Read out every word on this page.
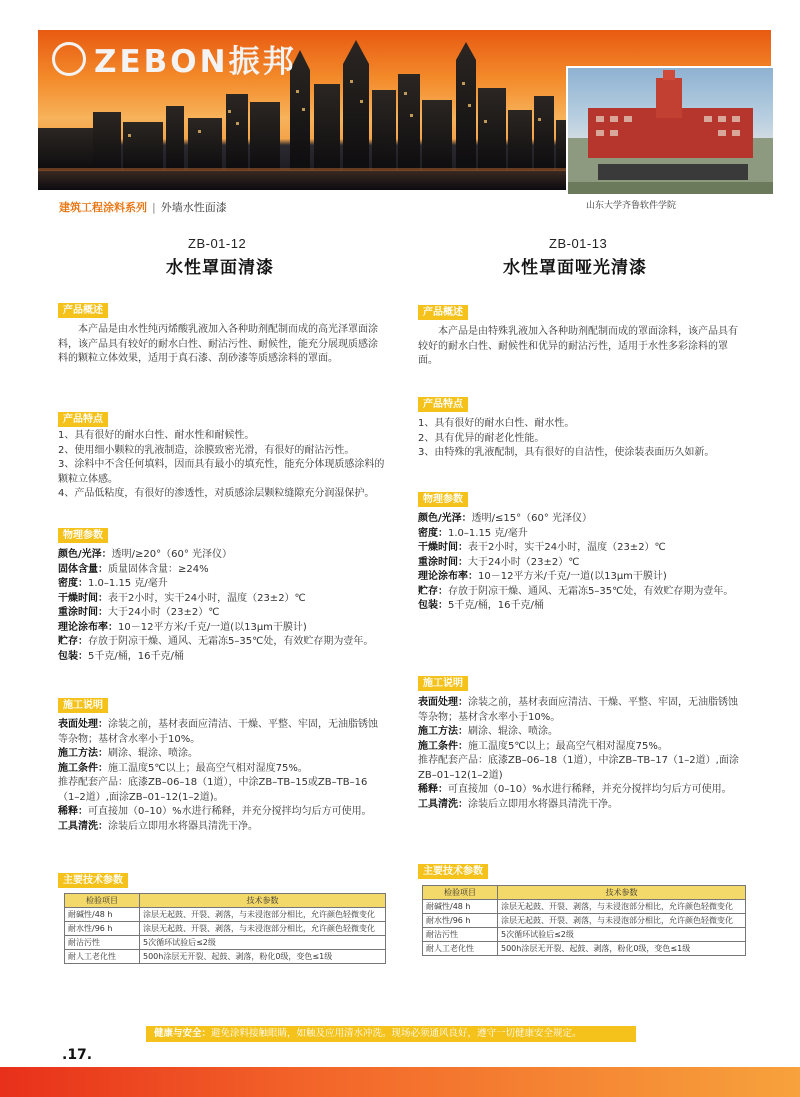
ZEBON振邦
山东大学齐鲁软件学院
建筑工程涂料系列 | 外墙水性面漆
ZB-01-12
水性罩面清漆
产品概述
本产品是由水性纯丙烯酸乳液加入各种助剂配制而成的高光泽罩面涂料，该产品具有较好的耐水白性、耐沾污性、耐候性，能充分展现质感涂料的颗粒立体效果，适用于真石漆、刮砂漆等质感涂料的罩面。
产品特点
1、具有很好的耐水白性、耐水性和耐候性。
2、使用细小颗粒的乳液制造，涂膜致密光滑，有很好的耐沾污性。
3、涂料中不含任何填料，因而具有最小的填充性，能充分体现质感涂料的颗粒立体感。
4、产品低粘度，有很好的渗透性，对质感涂层颗粒缝隙充分润湿保护。
物理参数
颜色/光泽：透明/≥20°（60° 光泽仪）
固体含量：质量固体含量：≥24%
密度：1.0–1.15 克/毫升
干燥时间：表干2小时，实干24小时，温度（23±2）℃
重涂时间：大于24小时（23±2）℃
理论涂布率：10－12平方米/千克/一道(以13μm干膜计)
贮存：存放于阴凉干燥、通风、无霜冻5–35℃处，有效贮存期为壹年。
包装：5千克/桶，16千克/桶
施工说明
表面处理：涂装之前，基材表面应清洁、干燥、平整、牢固，无油脂锈蚀等杂物；基材含水率小于10%。
施工方法：刷涂、辊涂、喷涂。
施工条件：施工温度5℃以上；最高空气相对湿度75%。
推荐配套产品：底漆ZB–06–18（1道），中涂ZB–TB–15或ZB–TB–16（1–2道）,面涂ZB–01–12(1–2道)。
稀释：可直接加（0–10）%水进行稀释，并充分搅拌均匀后方可使用。
工具清洗：涂装后立即用水将器具清洗干净。
主要技术参数
检验项目	技术参数
耐碱性/48 h	涂层无起鼓、开裂、剥落，与未浸泡部分相比，允许颜色轻微变化
耐水性/96 h	涂层无起鼓、开裂、剥落，与未浸泡部分相比，允许颜色轻微变化
耐沾污性	5次循环试验后≤2级
耐人工老化性	500h涂层无开裂、起鼓、剥落，粉化0级，变色≤1级
ZB-01-13
水性罩面哑光清漆
产品概述
本产品是由特殊乳液加入各种助剂配制而成的罩面涂料，该产品具有较好的耐水白性、耐候性和优异的耐沾污性，适用于水性多彩涂料的罩面。
产品特点
1、具有很好的耐水白性、耐水性。
2、具有优异的耐老化性能。
3、由特殊的乳液配制，具有很好的自洁性，使涂装表面历久如新。
物理参数
颜色/光泽：透明/≤15°（60° 光泽仪）
密度：1.0–1.15 克/毫升
干燥时间：表干2小时，实干24小时，温度（23±2）℃
重涂时间：大于24小时（23±2）℃
理论涂布率：10－12平方米/千克/一道(以13μm干膜计)
贮存：存放于阴凉干燥、通风、无霜冻5–35℃处，有效贮存期为壹年。
包装：5千克/桶，16千克/桶
施工说明
表面处理：涂装之前，基材表面应清洁、干燥、平整、牢固，无油脂锈蚀等杂物；基材含水率小于10%。
施工方法：刷涂、辊涂、喷涂。
施工条件：施工温度5℃以上；最高空气相对湿度75%。
推荐配套产品：底漆ZB–06–18（1道），中涂ZB–TB–17（1–2道）,面涂ZB–01–12(1–2道)
稀释：可直接加（0–10）%水进行稀释，并充分搅拌均匀后方可使用。
工具清洗：涂装后立即用水将器具清洗干净。
主要技术参数
检验项目	技术参数
耐碱性/48 h	涂层无起鼓、开裂、剥落，与未浸泡部分相比，允许颜色轻微变化
耐水性/96 h	涂层无起鼓、开裂、剥落，与未浸泡部分相比，允许颜色轻微变化
耐沾污性	5次循环试验后≤2级
耐人工老化性	500h涂层无开裂、起鼓、剥落，粉化0级，变色≤1级
健康与安全：避免涂料接触眼睛，如触及应用清水冲洗。现场必须通风良好，遵守一切健康安全规定。
.17.
